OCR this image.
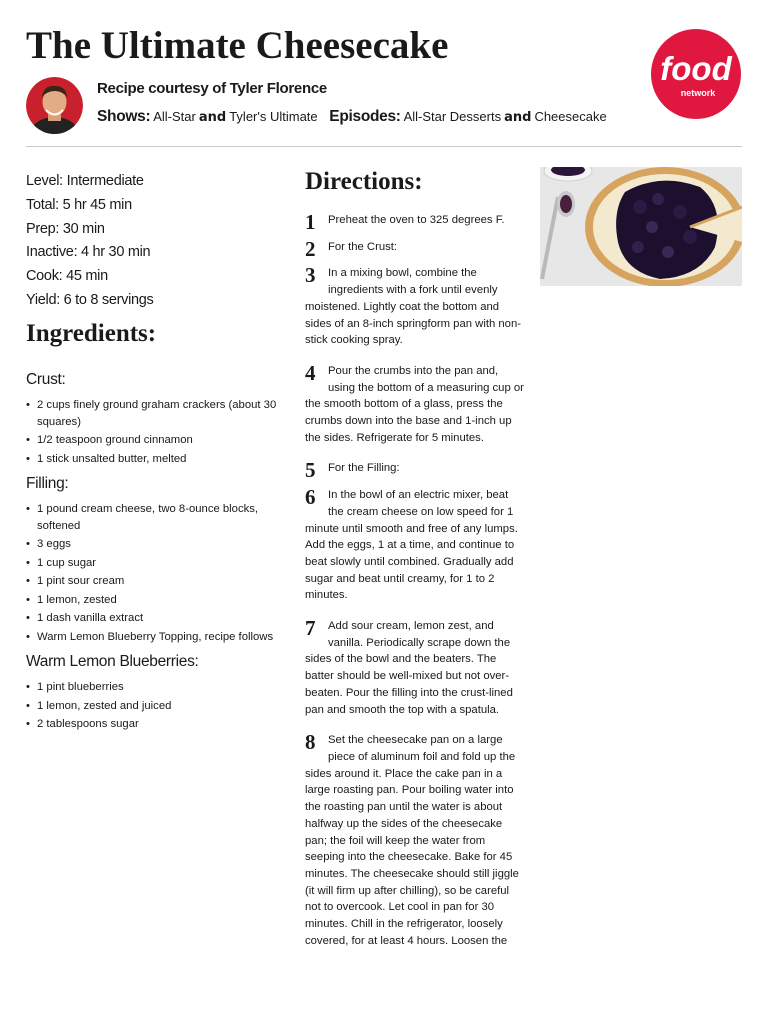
The Ultimate Cheesecake
Recipe courtesy of Tyler Florence
Shows: All-Star and Tyler's Ultimate Episodes: All-Star Desserts and Cheesecake
food
network
Level: Intermediate
Total: 5 hr 45 min
Prep: 30 min
Inactive: 4 hr 30 min
Cook: 45 min
Yield: 6 to 8 servings
Ingredients:
Crust:
• 2 cups finely ground graham crackers (about 30 squares)
• 1/2 teaspoon ground cinnamon
• 1 stick unsalted butter, melted
Filling:
• 1 pound cream cheese, two 8-ounce blocks, softened
• 3 eggs
• 1 cup sugar
• 1 pint sour cream
• 1 lemon, zested
• 1 dash vanilla extract
• Warm Lemon Blueberry Topping, recipe follows
Warm Lemon Blueberries:
• 1 pint blueberries
• 1 lemon, zested and juiced
• 2 tablespoons sugar
Directions:
1	Preheat the oven to 325 degrees F.
2	For the Crust:
3	In a mixing bowl, combine the ingredients with a fork until evenly moistened. Lightly coat the bottom and sides of an 8-inch springform pan with non-stick cooking spray.
4	Pour the crumbs into the pan and, using the bottom of a measuring cup or the smooth bottom of a glass, press the crumbs down into the base and 1-inch up the sides. Refrigerate for 5 minutes.
5	For the Filling:
6	In the bowl of an electric mixer, beat the cream cheese on low speed for 1 minute until smooth and free of any lumps. Add the eggs, 1 at a time, and continue to beat slowly until combined. Gradually add sugar and beat until creamy, for 1 to 2 minutes.
7	Add sour cream, lemon zest, and vanilla. Periodically scrape down the sides of the bowl and the beaters. The batter should be well-mixed but not over-beaten. Pour the filling into the crust-lined pan and smooth the top with a spatula.
8	Set the cheesecake pan on a large piece of aluminum foil and fold up the sides around it. Place the cake pan in a large roasting pan. Pour boiling water into the roasting pan until the water is about halfway up the sides of the cheesecake pan; the foil will keep the water from seeping into the cheesecake. Bake for 45 minutes. The cheesecake should still jiggle (it will firm up after chilling), so be careful not to overcook. Let cool in pan for 30 minutes. Chill in the refrigerator, loosely covered, for at least 4 hours. Loosen the
